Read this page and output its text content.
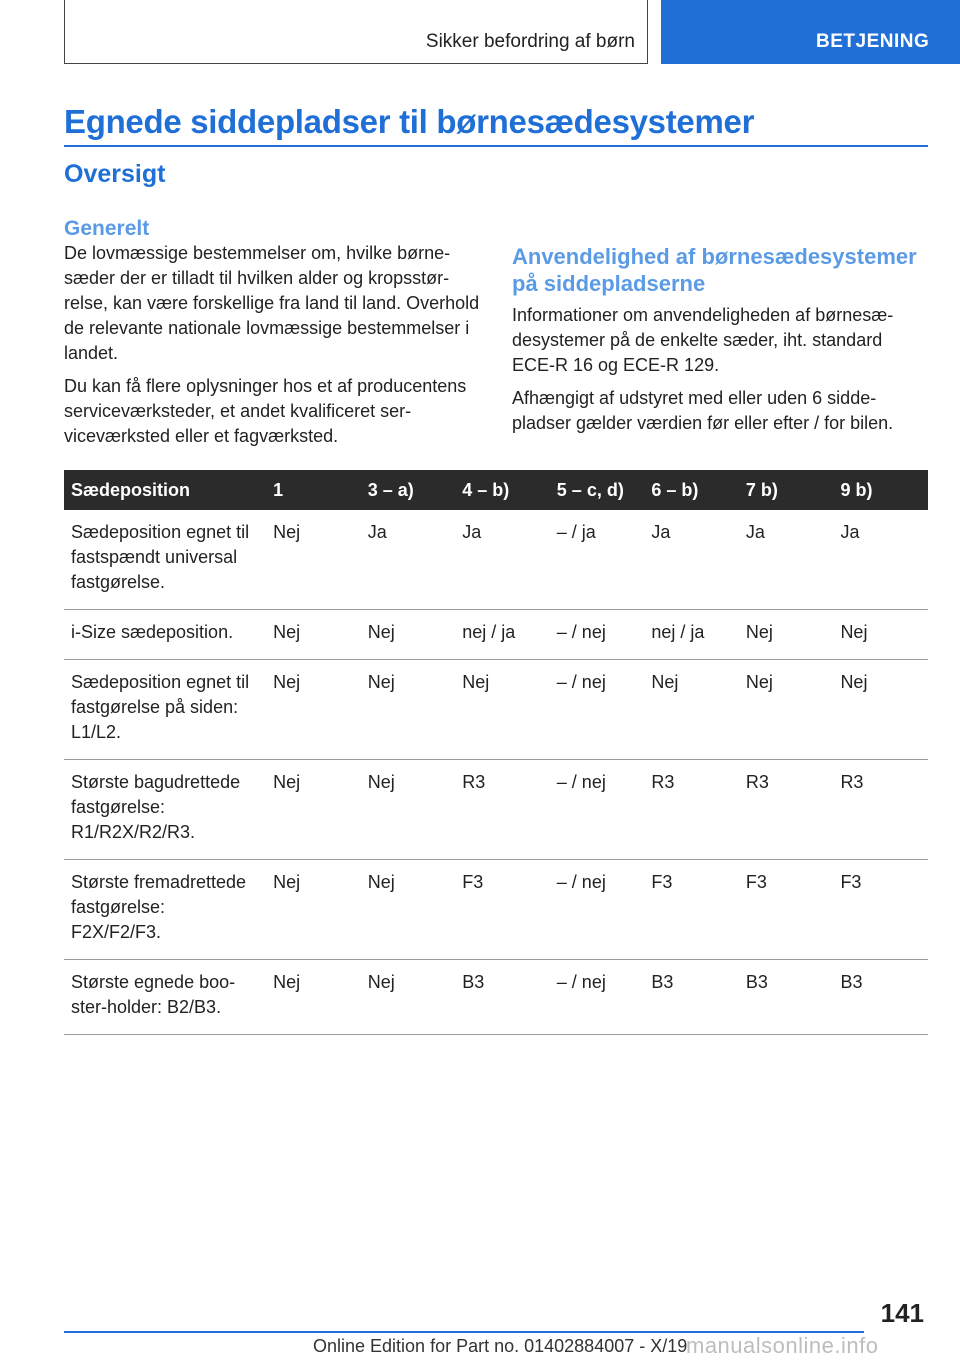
Sikker befordring af børn	BETJENING
Egnede siddepladser til børnesædesystemer
Oversigt
Generelt

De lovmæssige bestemmelser om, hvilke børnesæder der er tilladt til hvilken alder og kropsstørrelse, kan være forskellige fra land til land. Overhold de relevante nationale lovmæssige bestemmelser i landet.

Du kan få flere oplysninger hos et af producentens serviceværksteder, et andet kvalificeret serviceværksted eller et fagværksted.

Anvendelighed af børnesædesystemer på siddepladserne

Informationer om anvendeligheden af børnesædesystemer på de enkelte sæder, iht. standard ECE-R 16 og ECE-R 129.

Afhængigt af udstyret med eller uden 6 siddepladser gælder værdien før eller efter / for bilen.

Sædeposition	1	3 – a)	4 – b)	5 – c, d)	6 – b)	7 b)	9 b)
Sædeposition egnet til fastspændt universal fastgørelse.	Nej	Ja	Ja	– / ja	Ja	Ja	Ja
i-Size sædeposition.	Nej	Nej	nej / ja	– / nej	nej / ja	Nej	Nej
Sædeposition egnet til fastgørelse på siden: L1/L2.	Nej	Nej	Nej	– / nej	Nej	Nej	Nej
Største bagudrettede fastgørelse: R1/R2X/R2/R3.	Nej	Nej	R3	– / nej	R3	R3	R3
Største fremadrettede fastgørelse: F2X/F2/F3.	Nej	Nej	F3	– / nej	F3	F3	F3
Største egnede booster-holder: B2/B3.	Nej	Nej	B3	– / nej	B3	B3	B3
141
Online Edition for Part no. 01402884007 - X/19
manualsonline.info
